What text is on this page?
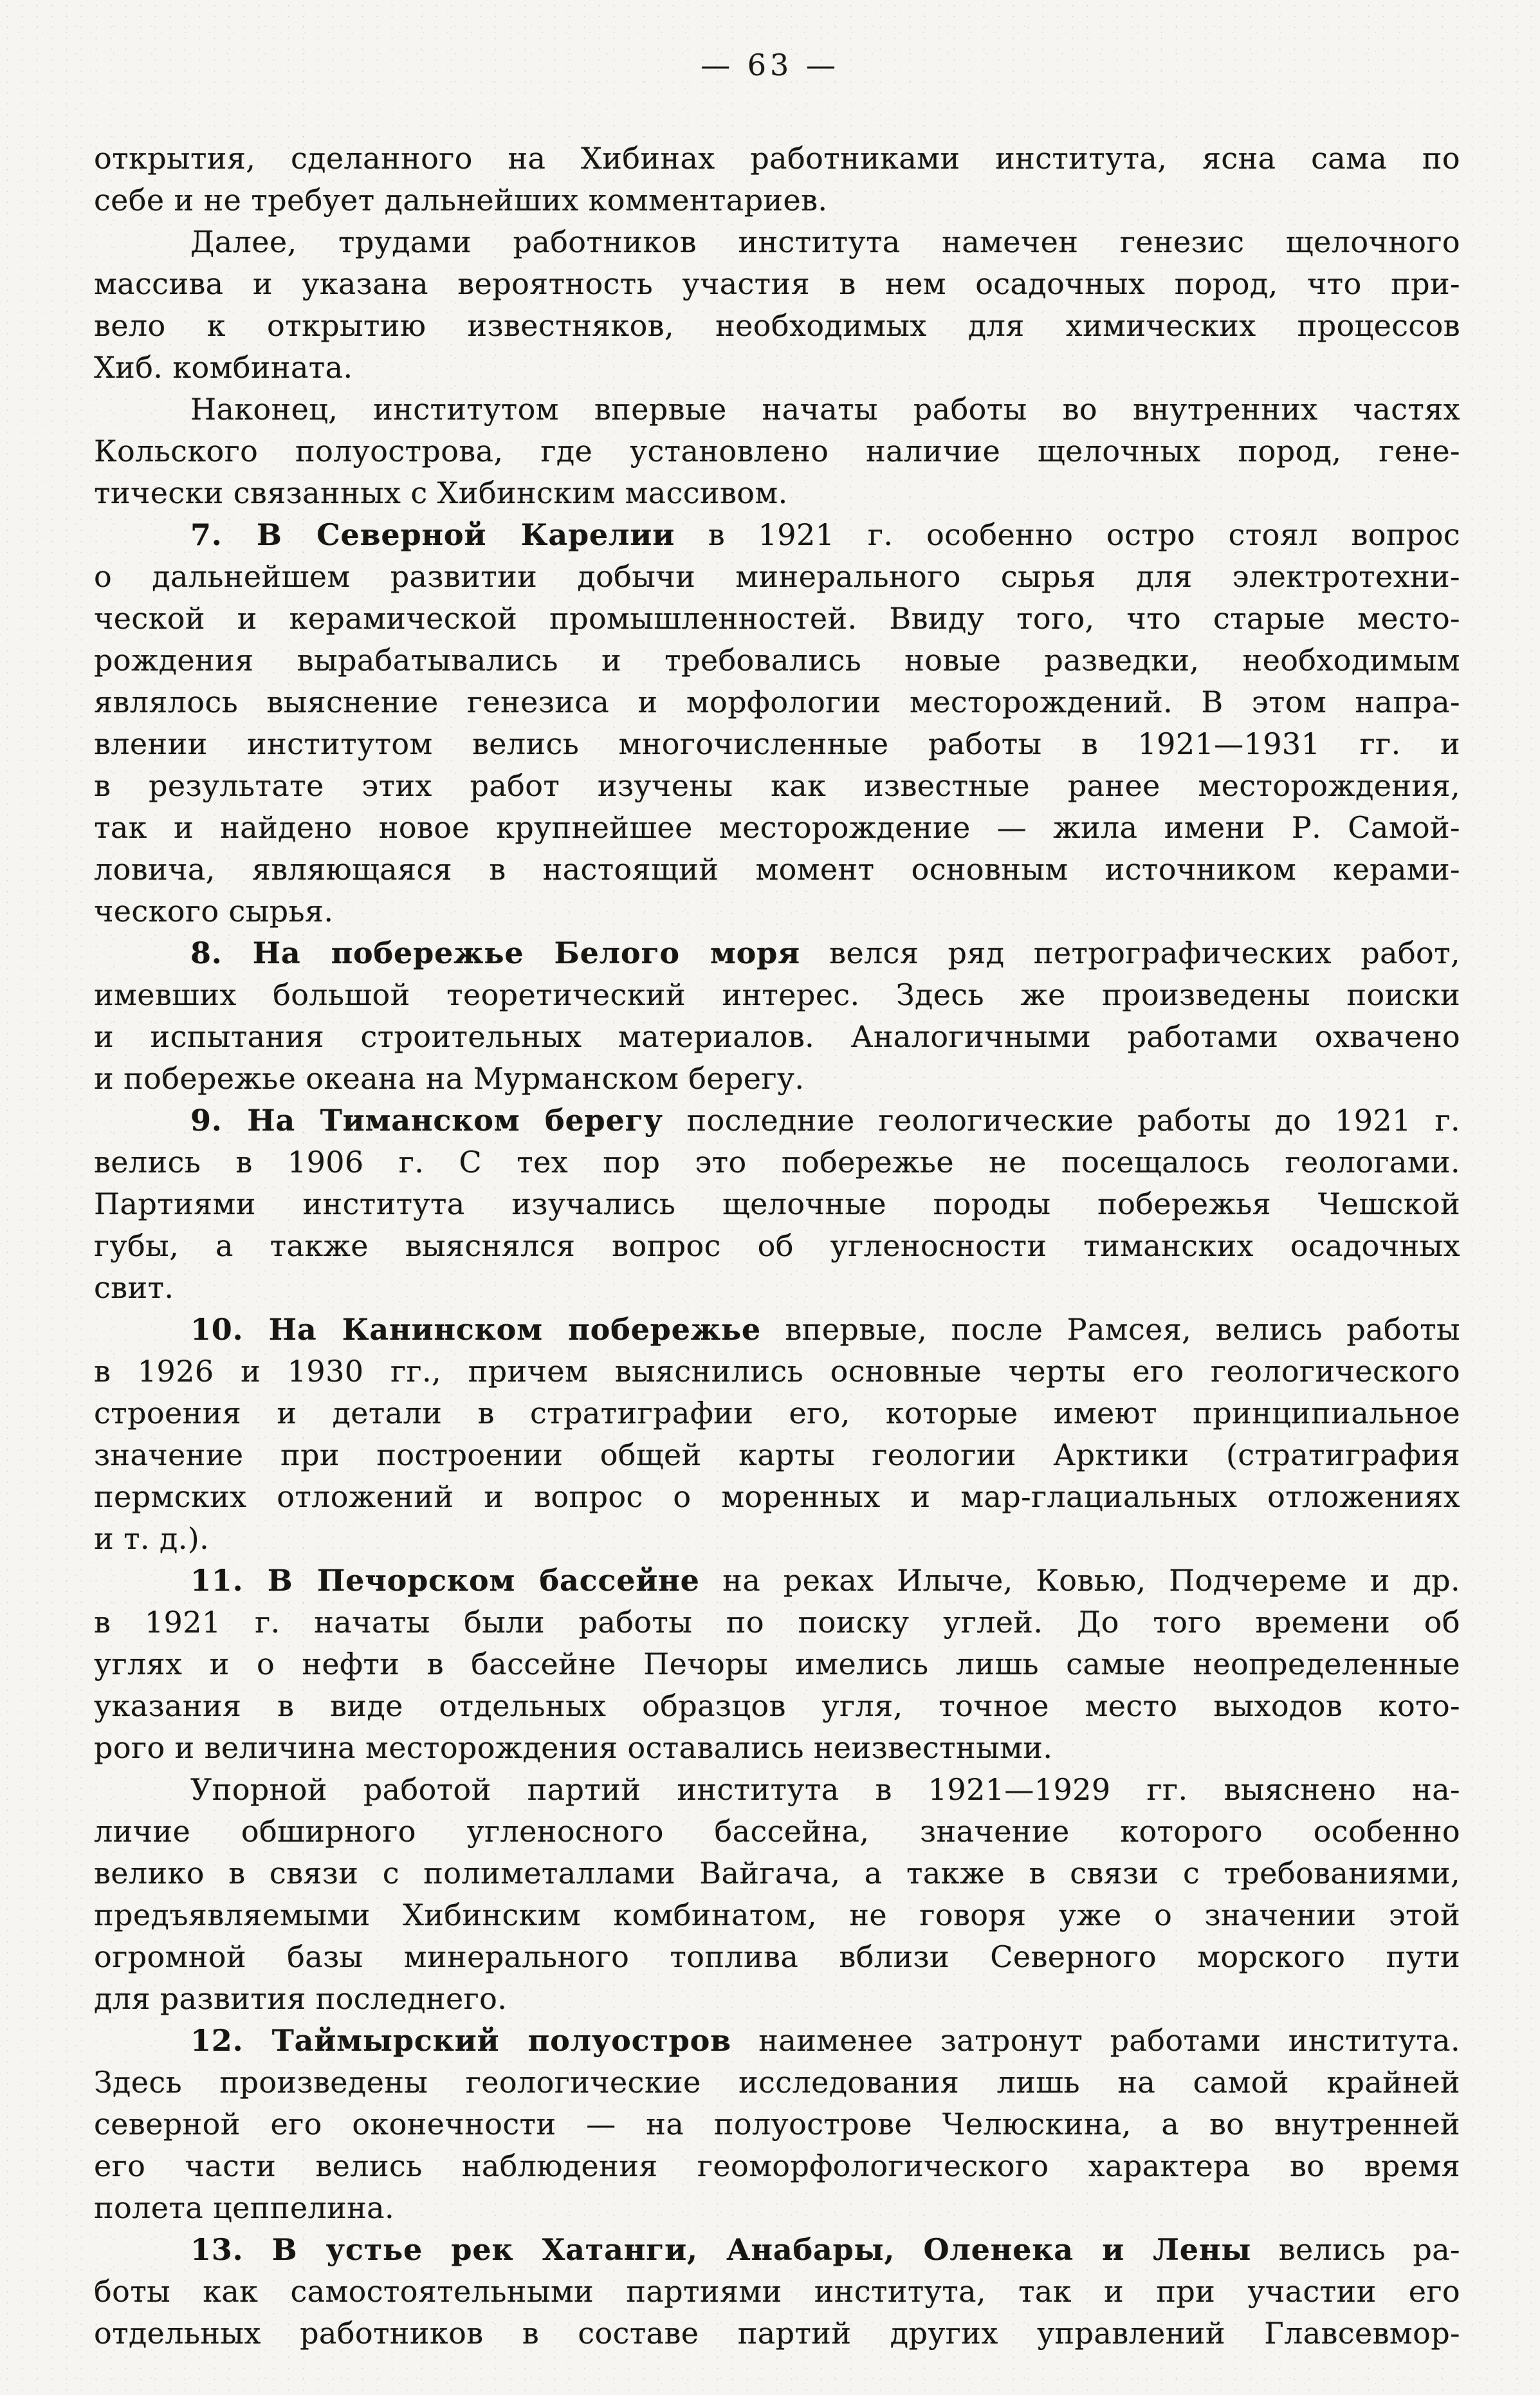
— 63 —
открытия, сделанного на Хибинах работниками института, ясна сама по
себе и не требует дальнейших комментариев.
Далее, трудами работников института намечен генезис щелочного
массива и указана вероятность участия в нем осадочных пород, что при-
вело к открытию известняков, необходимых для химических процессов
Хиб. комбината.
Наконец, институтом впервые начаты работы во внутренних частях
Кольского полуострова, где установлено наличие щелочных пород, гене-
тически связанных с Хибинским массивом.
7. В Северной Карелии в 1921 г. особенно остро стоял вопрос
о дальнейшем развитии добычи минерального сырья для электротехни-
ческой и керамической промышленностей. Ввиду того, что старые место-
рождения вырабатывались и требовались новые разведки, необходимым
являлось выяснение генезиса и морфологии месторождений. В этом напра-
влении институтом велись многочисленные работы в 1921—1931 гг. и
в результате этих работ изучены как известные ранее месторождения,
так и найдено новое крупнейшее месторождение — жила имени Р. Самой-
ловича, являющаяся в настоящий момент основным источником керами-
ческого сырья.
8. На побережье Белого моря велся ряд петрографических работ,
имевших большой теоретический интерес. Здесь же произведены поиски
и испытания строительных материалов. Аналогичными работами охвачено
и побережье океана на Мурманском берегу.
9. На Тиманском берегу последние геологические работы до 1921 г.
велись в 1906 г. С тех пор это побережье не посещалось геологами.
Партиями института изучались щелочные породы побережья Чешской
губы, а также выяснялся вопрос об угленосности тиманских осадочных
свит.
10. На Канинском побережье впервые, после Рамсея, велись работы
в 1926 и 1930 гг., причем выяснились основные черты его геологического
строения и детали в стратиграфии его, которые имеют принципиальное
значение при построении общей карты геологии Арктики (стратиграфия
пермских отложений и вопрос о моренных и мар-глациальных отложениях
и т. д.).
11. В Печорском бассейне на реках Илыче, Ковью, Подчереме и др.
в 1921 г. начаты были работы по поиску углей. До того времени об
углях и о нефти в бассейне Печоры имелись лишь самые неопределенные
указания в виде отдельных образцов угля, точное место выходов кото-
рого и величина месторождения оставались неизвестными.
Упорной работой партий института в 1921—1929 гг. выяснено на-
личие обширного угленосного бассейна, значение которого особенно
велико в связи с полиметаллами Вайгача, а также в связи с требованиями,
предъявляемыми Хибинским комбинатом, не говоря уже о значении этой
огромной базы минерального топлива вблизи Северного морского пути
для развития последнего.
12. Таймырский полуостров наименее затронут работами института.
Здесь произведены геологические исследования лишь на самой крайней
северной его оконечности — на полуострове Челюскина, а во внутренней
его части велись наблюдения геоморфологического характера во время
полета цеппелина.
13. В устье рек Хатанги, Анабары, Оленека и Лены велись ра-
боты как самостоятельными партиями института, так и при участии его
отдельных работников в составе партий других управлений Главсевмор-
